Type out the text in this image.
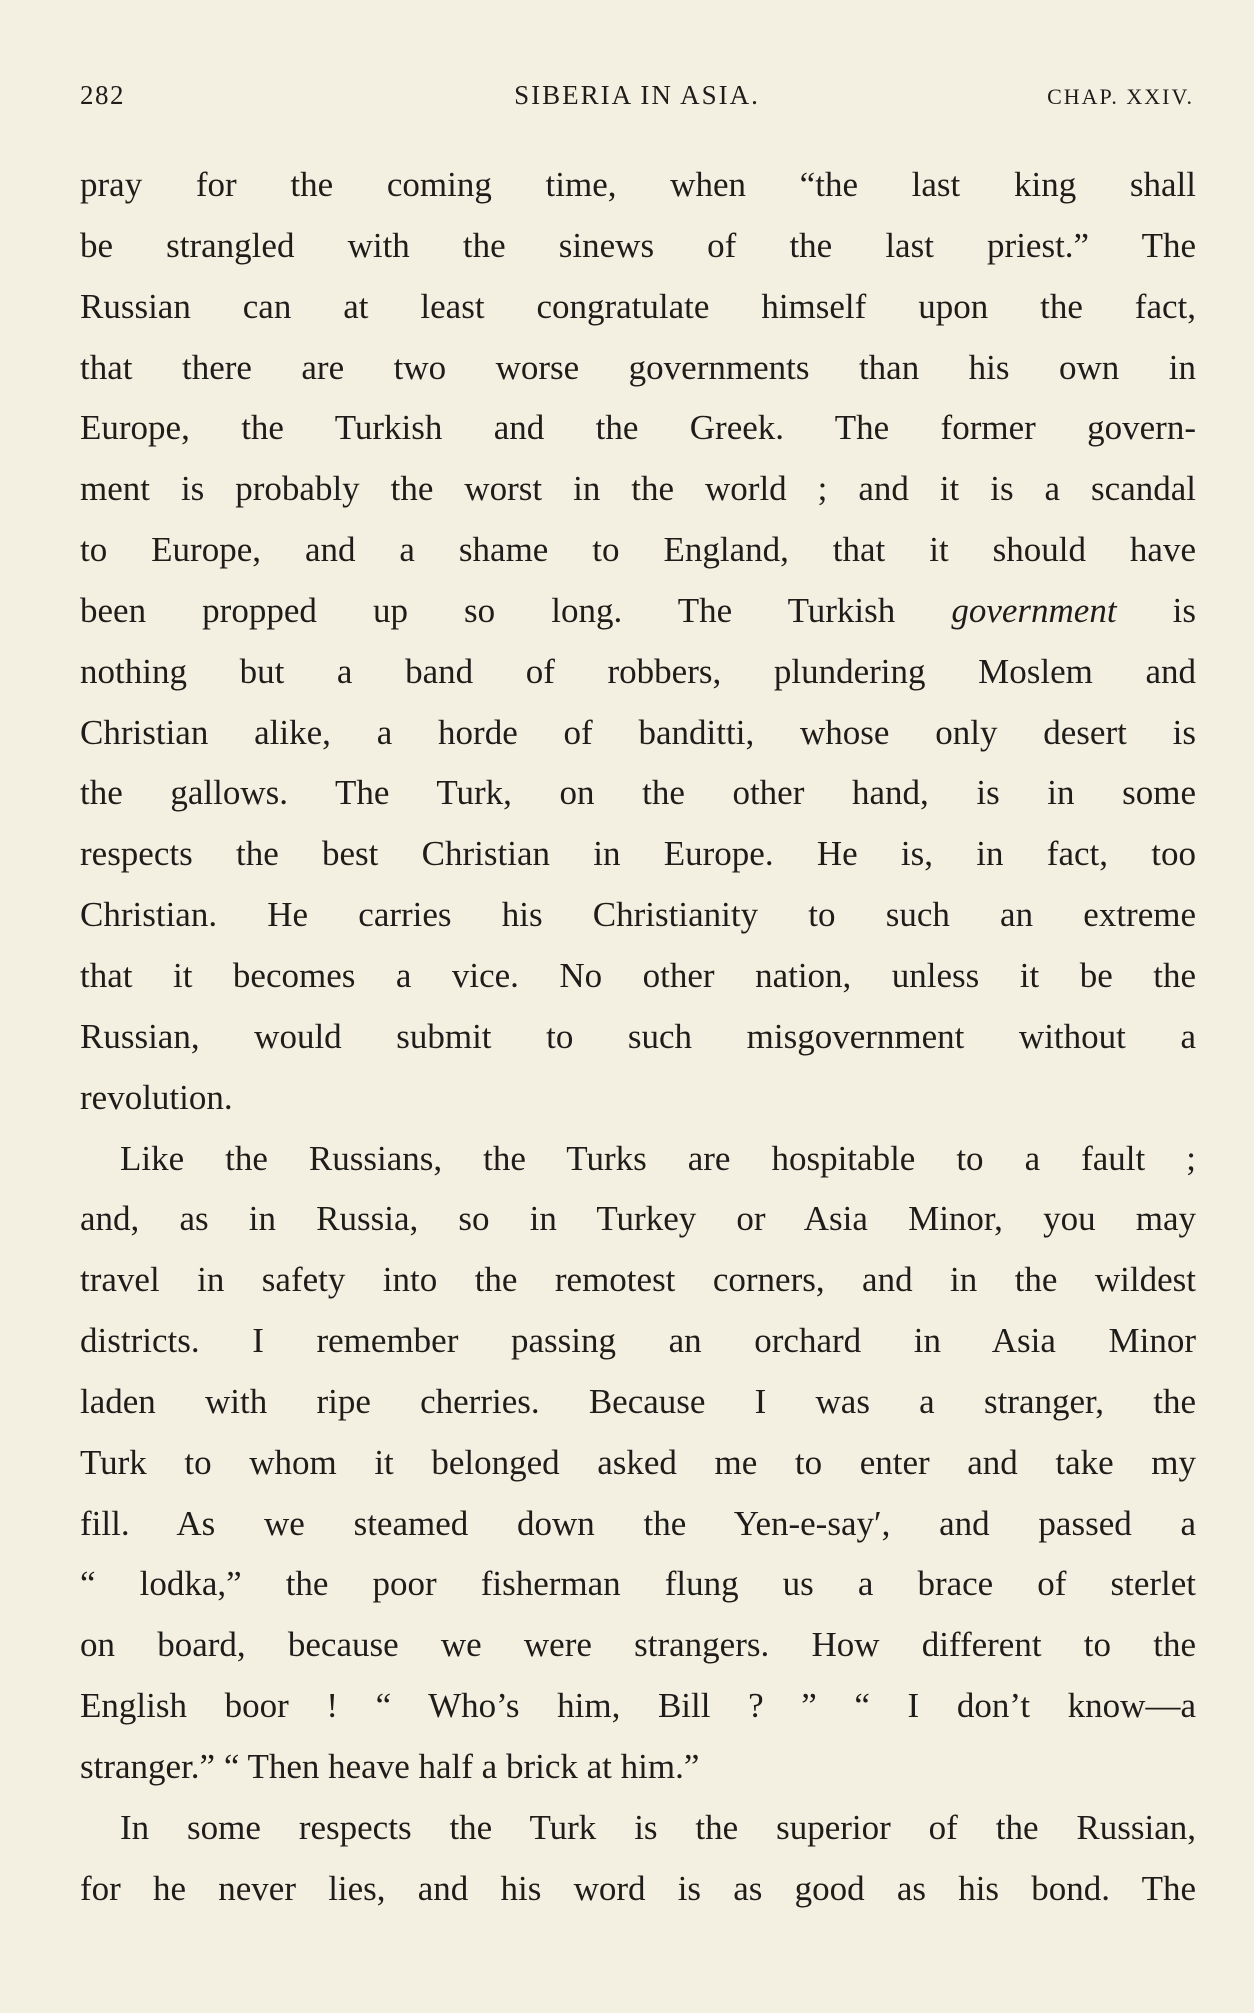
282	SIBERIA IN ASIA.	CHAP. XXIV.
pray for the coming time, when “the last king shall
be strangled with the sinews of the last priest.” The
Russian can at least congratulate himself upon the fact,
that there are two worse governments than his own in
Europe, the Turkish and the Greek. The former govern-
ment is probably the worst in the world ; and it is a scandal
to Europe, and a shame to England, that it should have
been propped up so long. The Turkish government is
nothing but a band of robbers, plundering Moslem and
Christian alike, a horde of banditti, whose only desert is
the gallows. The Turk, on the other hand, is in some
respects the best Christian in Europe. He is, in fact, too
Christian. He carries his Christianity to such an extreme
that it becomes a vice. No other nation, unless it be the
Russian, would submit to such misgovernment without a
revolution.
Like the Russians, the Turks are hospitable to a fault ;
and, as in Russia, so in Turkey or Asia Minor, you may
travel in safety into the remotest corners, and in the wildest
districts. I remember passing an orchard in Asia Minor
laden with ripe cherries. Because I was a stranger, the
Turk to whom it belonged asked me to enter and take my
fill. As we steamed down the Yen-e-say′, and passed a
“ lodka,” the poor fisherman flung us a brace of sterlet
on board, because we were strangers. How different to the
English boor ! “ Who’s him, Bill ? ” “ I don’t know—a
stranger.” “ Then heave half a brick at him.”
In some respects the Turk is the superior of the Russian,
for he never lies, and his word is as good as his bond. The
